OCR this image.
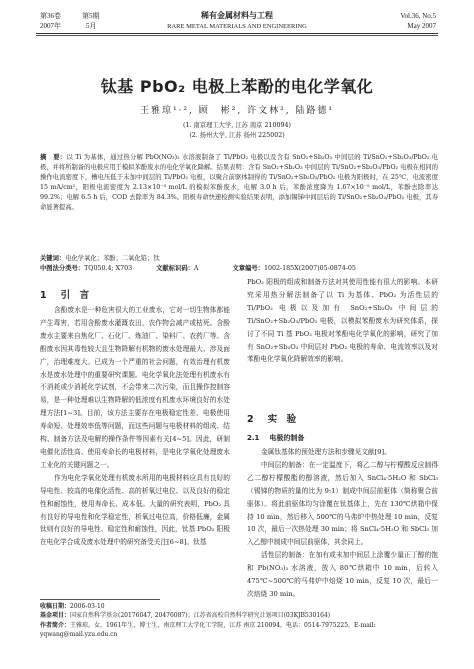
第36卷	第5期	稀有金属材料与工程	Vol.36, No.5
2007年	5月	RARE METAL MATERIALS AND ENGINEERING	May 2007
钛基 PbO₂ 电极上苯酚的电化学氧化
王雅琼¹·², 顾　彬², 许文林², 陆路德¹
(1. 南京理工大学, 江苏 南京 210094)
(2. 扬州大学, 江苏 扬州 225002)
摘　要：以 Ti 为基体，通过热分解 PbO(NO₃)₂ 水溶液制备了 Ti/PbO₂ 电极以及含有 SnO₂+Sb₂O₃ 中间层的 Ti/SnO₂+Sb₂O₃/PbO₂ 电极，并将所制备的电极应用于模拟苯酚废水的电化学氧化降解。结果表明：含有 SnO₂+Sb₂O₃ 中间层的 Ti/SnO₂+Sb₂O₃/PbO₂ 电极在相同的操作电流密度下，槽电压低于未加中间层的 Ti/PbO₂ 电极，以聚合前驱体制得的 Ti/SnO₂+Sb₂O₃/PbO₂ 电极为阳极时，在 25℃，电流密度 15 mA/cm²，阳极电流密度为 2.13×10⁻³ mol/L 的模拟苯酚废水，电解 3.0 h 后，苯酚浓度降为 1.67×10⁻⁵ mol/L，苯酚去除率达 99.2%；电解 6.5 h 后，COD 去除率为 84.3%。阳极寿命快速检测实验结果表明，添加锡锑中间层后的 Ti/SnO₂+Sb₂O₃/PbO₂ 电极，其寿命显著提高。
关键词：电化学氧化；苯酚；二氧化铅；钛
中图法分类号：TQ050.4; X703	文献标识码：A	文章编号：1002-185X(2007)05-0874-05
1 引　言

含酚废水是一种危害很大的工业废水，它对一切生物体都能产生毒害，若用含酚废水灌溉农田，农作物会减产或枯死。含酚废水主要来自焦化厂、石化厂、炼油厂、染料厂、农药厂等。含酚废水因其毒性较大且生物降解有机物的废水处理最大、涉及面广，治理难度大。已成为一个严重的社会问题，有效治理有机废水是废水处理中的重要研究课题。电化学氧化法处理有机废水有不消耗或少消耗化学试剂，不会带来二次污染，而且操作控制容易，是一种处理难以生物降解的低浓度有机废水环境良好的水处理方法[1~3]。目前，该方法主要存在电极稳定性差、电极使用寿命短、处理效率低等问题，而这些问题与电极材料的组成、结构、制备方法及电解的操作条件等因素有关[4~5]。因此，研制电催化活性高、使用寿命长的电极材料，是电化学氧化处理废水工业化的关键问题之一。

作为电化学氧化处理有机废水所用的电极材料应具有良好的导电性、较高的电催化活性、高的析氧过电位、以及良好的稳定性和耐蚀性，使用寿命长、成本低。大量的研究表明，PbO₂ 具有良好的导电性和化学稳定性，析氧过电位高，价格低廉，金属钛则有良好的导电性、稳定性和耐蚀性，因此，钛基 PbO₂ 阳极在电化学合成及废水处理中的研究备受关注[6~8]。钛基

PbO₂ 阳极的组成和制备方法对其使用性能有很大的影响。本研究采用热分解法制备了以 Ti 为基体、PbO₂ 为活性层的 Ti/PbO₂ 电极以及加有 SnO₂+Sb₂O₃ 中间层的 Ti/SnO₂+Sb₂O₃/PbO₂ 电极，以模拟苯酚废水为研究体系，探讨了不同 Ti 基 PbO₂ 电极对苯酚电化学氧化的影响，研究了加有 SnO₂+Sb₂O₃ 中间层对 PbO₂ 电极的寿命、电流效率以及对苯酚电化学氧化降解效率的影响。

2 实　验
2.1 电极的制备

金属钛基体的预处理方法和步骤见文献[9]。

中间层的制备：在一定温度下，将乙二醇与柠檬酸反应制得乙二醇柠檬酸酯的醇溶液，然后加入 SnCl₄·5H₂O 和 SbCl₃（锡锑的物质的量的比为 9:1）制成中间层前驱体（简称聚合前驱体）。将此前驱体均匀涂覆在钛基体上，先在 130℃烘箱中保持 10 min，然后移入 500℃的马弗炉中热处理 10 min，反复 10 次，最后一次热处理 30 min；将 SnCl₄·5H₂O 和 SbCl₃ 加入乙醇中制成中间层前驱体，其余同上。

活性层的制备：在加有或未加中间层上涂覆少量正丁醇的饱和 Pb(NO₃)₂ 水溶液，放入 80℃烘箱中 10 min，后转入 475℃~500℃的马弗炉中焙烧 10 min，反复 10 次，最后一次焙烧 30 min。

收稿日期：2006-03-10
基金项目：国家自然科学基金(20176047, 20476087)；江苏省高校自然科学研究计划项目(03KJB530164)
作者简介：王雅琼，女，1961年生，博士生，南京理工大学化工学院，江苏 南京 210094，电话：0514-7975225，E-mail: yqwang@mail.yzu.edu.cn
